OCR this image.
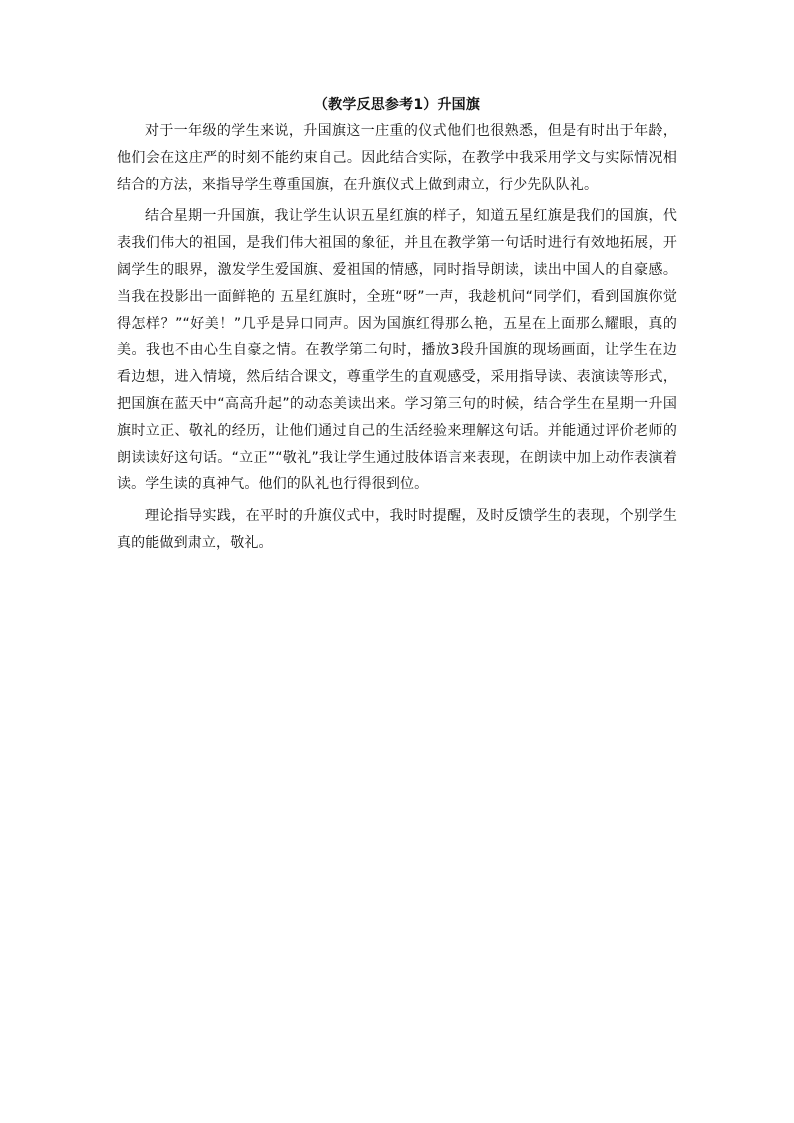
（教学反思参考1）升国旗

对于一年级的学生来说，升国旗这一庄重的仪式他们也很熟悉，但是有时出于年龄，他们会在这庄严的时刻不能约束自己。因此结合实际，在教学中我采用学文与实际情况相结合的方法，来指导学生尊重国旗，在升旗仪式上做到肃立，行少先队队礼。

结合星期一升国旗，我让学生认识五星红旗的样子，知道五星红旗是我们的国旗，代表我们伟大的祖国，是我们伟大祖国的象征，并且在教学第一句话时进行有效地拓展，开阔学生的眼界，激发学生爱国旗、爱祖国的情感，同时指导朗读，读出中国人的自豪感。当我在投影出一面鲜艳的 五星红旗时，全班“呀”一声，我趁机问“同学们，看到国旗你觉得怎样？”“好美！”几乎是异口同声。因为国旗红得那么艳，五星在上面那么耀眼，真的美。我也不由心生自豪之情。在教学第二句时，播放3段升国旗的现场画面，让学生在边看边想，进入情境，然后结合课文，尊重学生的直观感受，采用指导读、表演读等形式，把国旗在蓝天中“高高升起”的动态美读出来。学习第三句的时候，结合学生在星期一升国旗时立正、敬礼的经历，让他们通过自己的生活经验来理解这句话。并能通过评价老师的朗读读好这句话。“立正”“敬礼”我让学生通过肢体语言来表现，在朗读中加上动作表演着读。学生读的真神气。他们的队礼也行得很到位。

理论指导实践，在平时的升旗仪式中，我时时提醒，及时反馈学生的表现，个别学生真的能做到肃立，敬礼。
